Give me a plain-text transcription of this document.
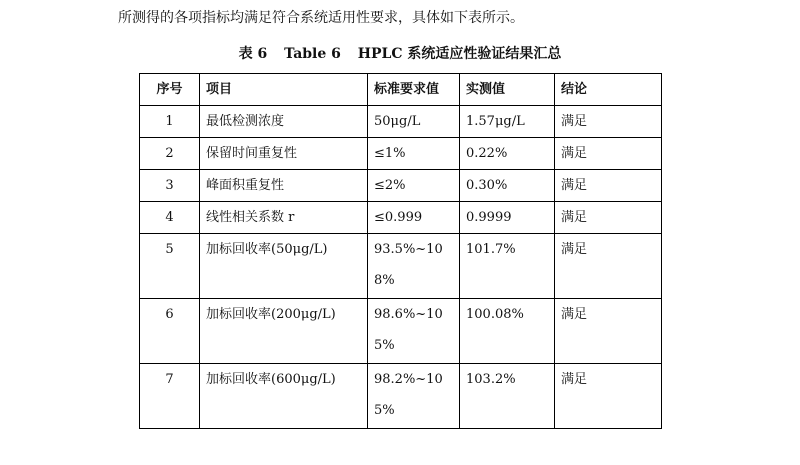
所测得的各项指标均满足符合系统适用性要求，具体如下表所示。
表 6 Table 6 HPLC 系统适应性验证结果汇总
序号	项目	标准要求值	实测值	结论
1	最低检测浓度	50μg/L	1.57μg/L	满足
2	保留时间重复性	≤1%	0.22%	满足
3	峰面积重复性	≤2%	0.30%	满足
4	线性相关系数 r	≤0.999	0.9999	满足
5	加标回收率(50μg/L)	93.5%~108%	101.7%	满足
6	加标回收率(200μg/L)	98.6%~105%	100.08%	满足
7	加标回收率(600μg/L)	98.2%~105%	103.2%	满足
